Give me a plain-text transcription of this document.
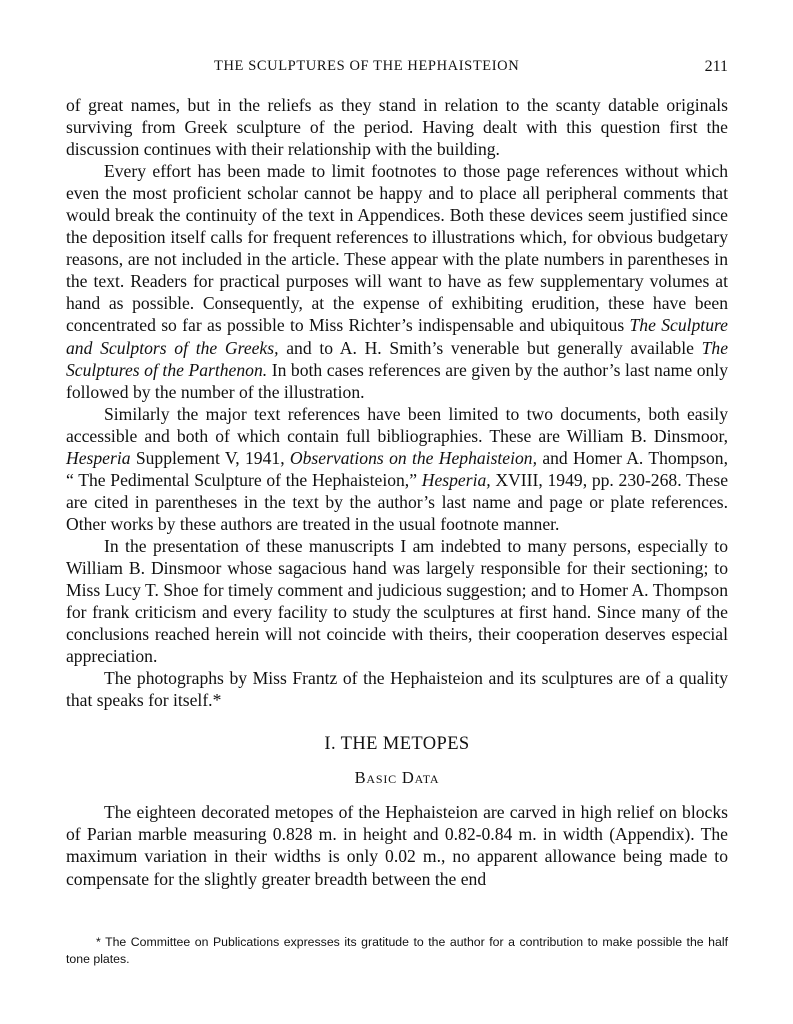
THE SCULPTURES OF THE HEPHAISTEION	211

of great names, but in the reliefs as they stand in relation to the scanty datable originals surviving from Greek sculpture of the period. Having dealt with this question first the discussion continues with their relationship with the building.

Every effort has been made to limit footnotes to those page references without which even the most proficient scholar cannot be happy and to place all peripheral comments that would break the continuity of the text in Appendices. Both these devices seem justified since the deposition itself calls for frequent references to illustrations which, for obvious budgetary reasons, are not included in the article. These appear with the plate numbers in parentheses in the text. Readers for practical purposes will want to have as few supplementary volumes at hand as possible. Consequently, at the expense of exhibiting erudition, these have been concentrated so far as possible to Miss Richter’s indispensable and ubiquitous The Sculpture and Sculptors of the Greeks, and to A. H. Smith’s venerable but generally available The Sculptures of the Parthenon. In both cases references are given by the author’s last name only followed by the number of the illustration.

Similarly the major text references have been limited to two documents, both easily accessible and both of which contain full bibliographies. These are William B. Dinsmoor, Hesperia Supplement V, 1941, Observations on the Hephaisteion, and Homer A. Thompson, “ The Pedimental Sculpture of the Hephaisteion,” Hesperia, XVIII, 1949, pp. 230-268. These are cited in parentheses in the text by the author’s last name and page or plate references. Other works by these authors are treated in the usual footnote manner.

In the presentation of these manuscripts I am indebted to many persons, especially to William B. Dinsmoor whose sagacious hand was largely responsible for their sectioning; to Miss Lucy T. Shoe for timely comment and judicious suggestion; and to Homer A. Thompson for frank criticism and every facility to study the sculptures at first hand. Since many of the conclusions reached herein will not coincide with theirs, their cooperation deserves especial appreciation.

The photographs by Miss Frantz of the Hephaisteion and its sculptures are of a quality that speaks for itself.*

I. THE METOPES
Basic Data

The eighteen decorated metopes of the Hephaisteion are carved in high relief on blocks of Parian marble measuring 0.828 m. in height and 0.82-0.84 m. in width (Appendix). The maximum variation in their widths is only 0.02 m., no apparent allowance being made to compensate for the slightly greater breadth between the end

* The Committee on Publications expresses its gratitude to the author for a contribution to make possible the half tone plates.
